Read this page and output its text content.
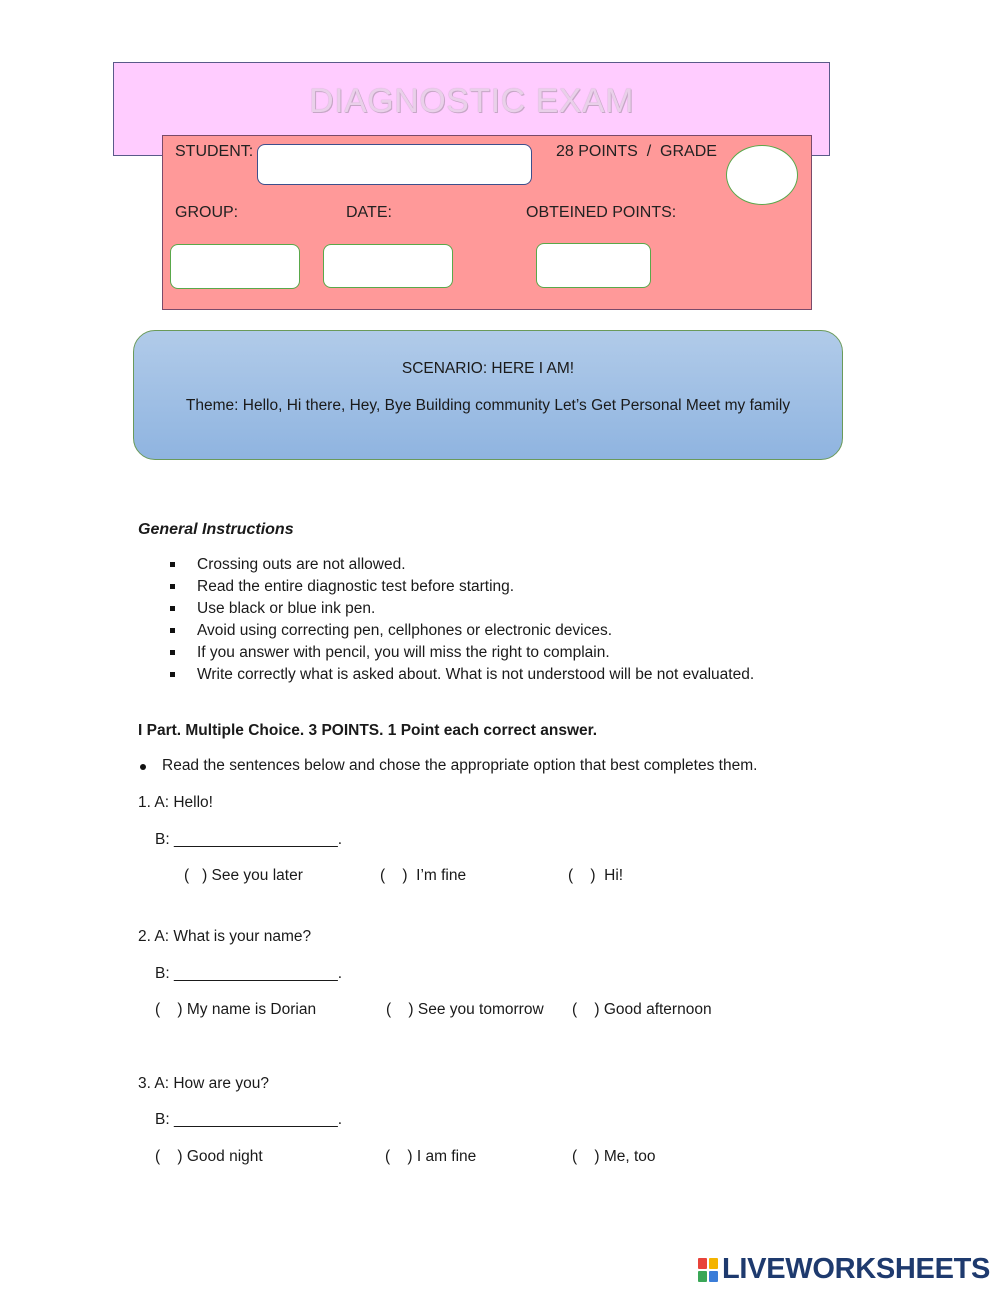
DIAGNOSTIC EXAM
STUDENT:	28 POINTS  /  GRADE
GROUP:	DATE:	OBTEINED POINTS:
SCENARIO: HERE I AM!
Theme: Hello, Hi there, Hey, Bye Building community Let’s Get Personal Meet my family
General Instructions
Crossing outs are not allowed.
Read the entire diagnostic test before starting.
Use black or blue ink pen.
Avoid using correcting pen, cellphones or electronic devices.
If you answer with pencil, you will miss the right to complain.
Write correctly what is asked about. What is not understood will be not evaluated.
I Part. Multiple Choice. 3 POINTS. 1 Point each correct answer.
Read the sentences below and chose the appropriate option that best completes them.
1. A: Hello!
B: ___________________.
(   ) See you later	(    )  I’m fine	(    )  Hi!
2. A: What is your name?
B: ___________________.
(    ) My name is Dorian	(    ) See you tomorrow (    ) Good afternoon
3. A: How are you?
B: ___________________.
(    ) Good night	(    ) I am fine	(    ) Me, too
LIVEWORKSHEETS
